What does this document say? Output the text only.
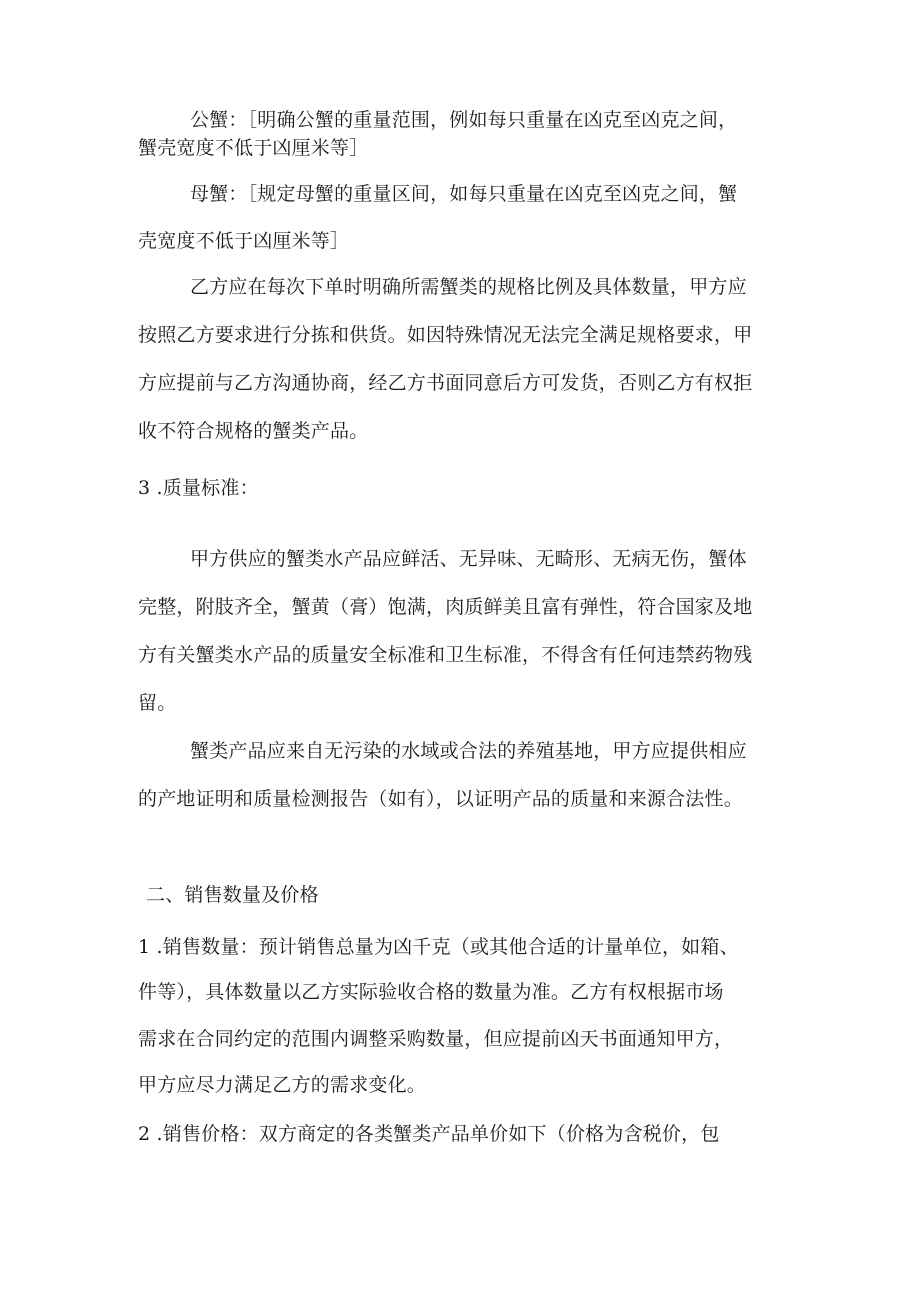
公蟹：［明确公蟹的重量范围，例如每只重量在凶克至凶克之间，
蟹壳宽度不低于凶厘米等］
母蟹：［规定母蟹的重量区间，如每只重量在凶克至凶克之间，蟹
壳宽度不低于凶厘米等］
乙方应在每次下单时明确所需蟹类的规格比例及具体数量，甲方应
按照乙方要求进行分拣和供货。如因特殊情况无法完全满足规格要求，甲
方应提前与乙方沟通协商，经乙方书面同意后方可发货，否则乙方有权拒
收不符合规格的蟹类产品。
3 .质量标准：
甲方供应的蟹类水产品应鲜活、无异味、无畸形、无病无伤，蟹体
完整，附肢齐全，蟹黄（膏）饱满，肉质鲜美且富有弹性，符合国家及地
方有关蟹类水产品的质量安全标准和卫生标准，不得含有任何违禁药物残
留。
蟹类产品应来自无污染的水域或合法的养殖基地，甲方应提供相应
的产地证明和质量检测报告（如有），以证明产品的质量和来源合法性。
二、销售数量及价格
1 .销售数量：预计销售总量为凶千克（或其他合适的计量单位，如箱、
件等），具体数量以乙方实际验收合格的数量为准。乙方有权根据市场
需求在合同约定的范围内调整采购数量，但应提前凶天书面通知甲方，
甲方应尽力满足乙方的需求变化。
2 .销售价格：双方商定的各类蟹类产品单价如下（价格为含税价，包
